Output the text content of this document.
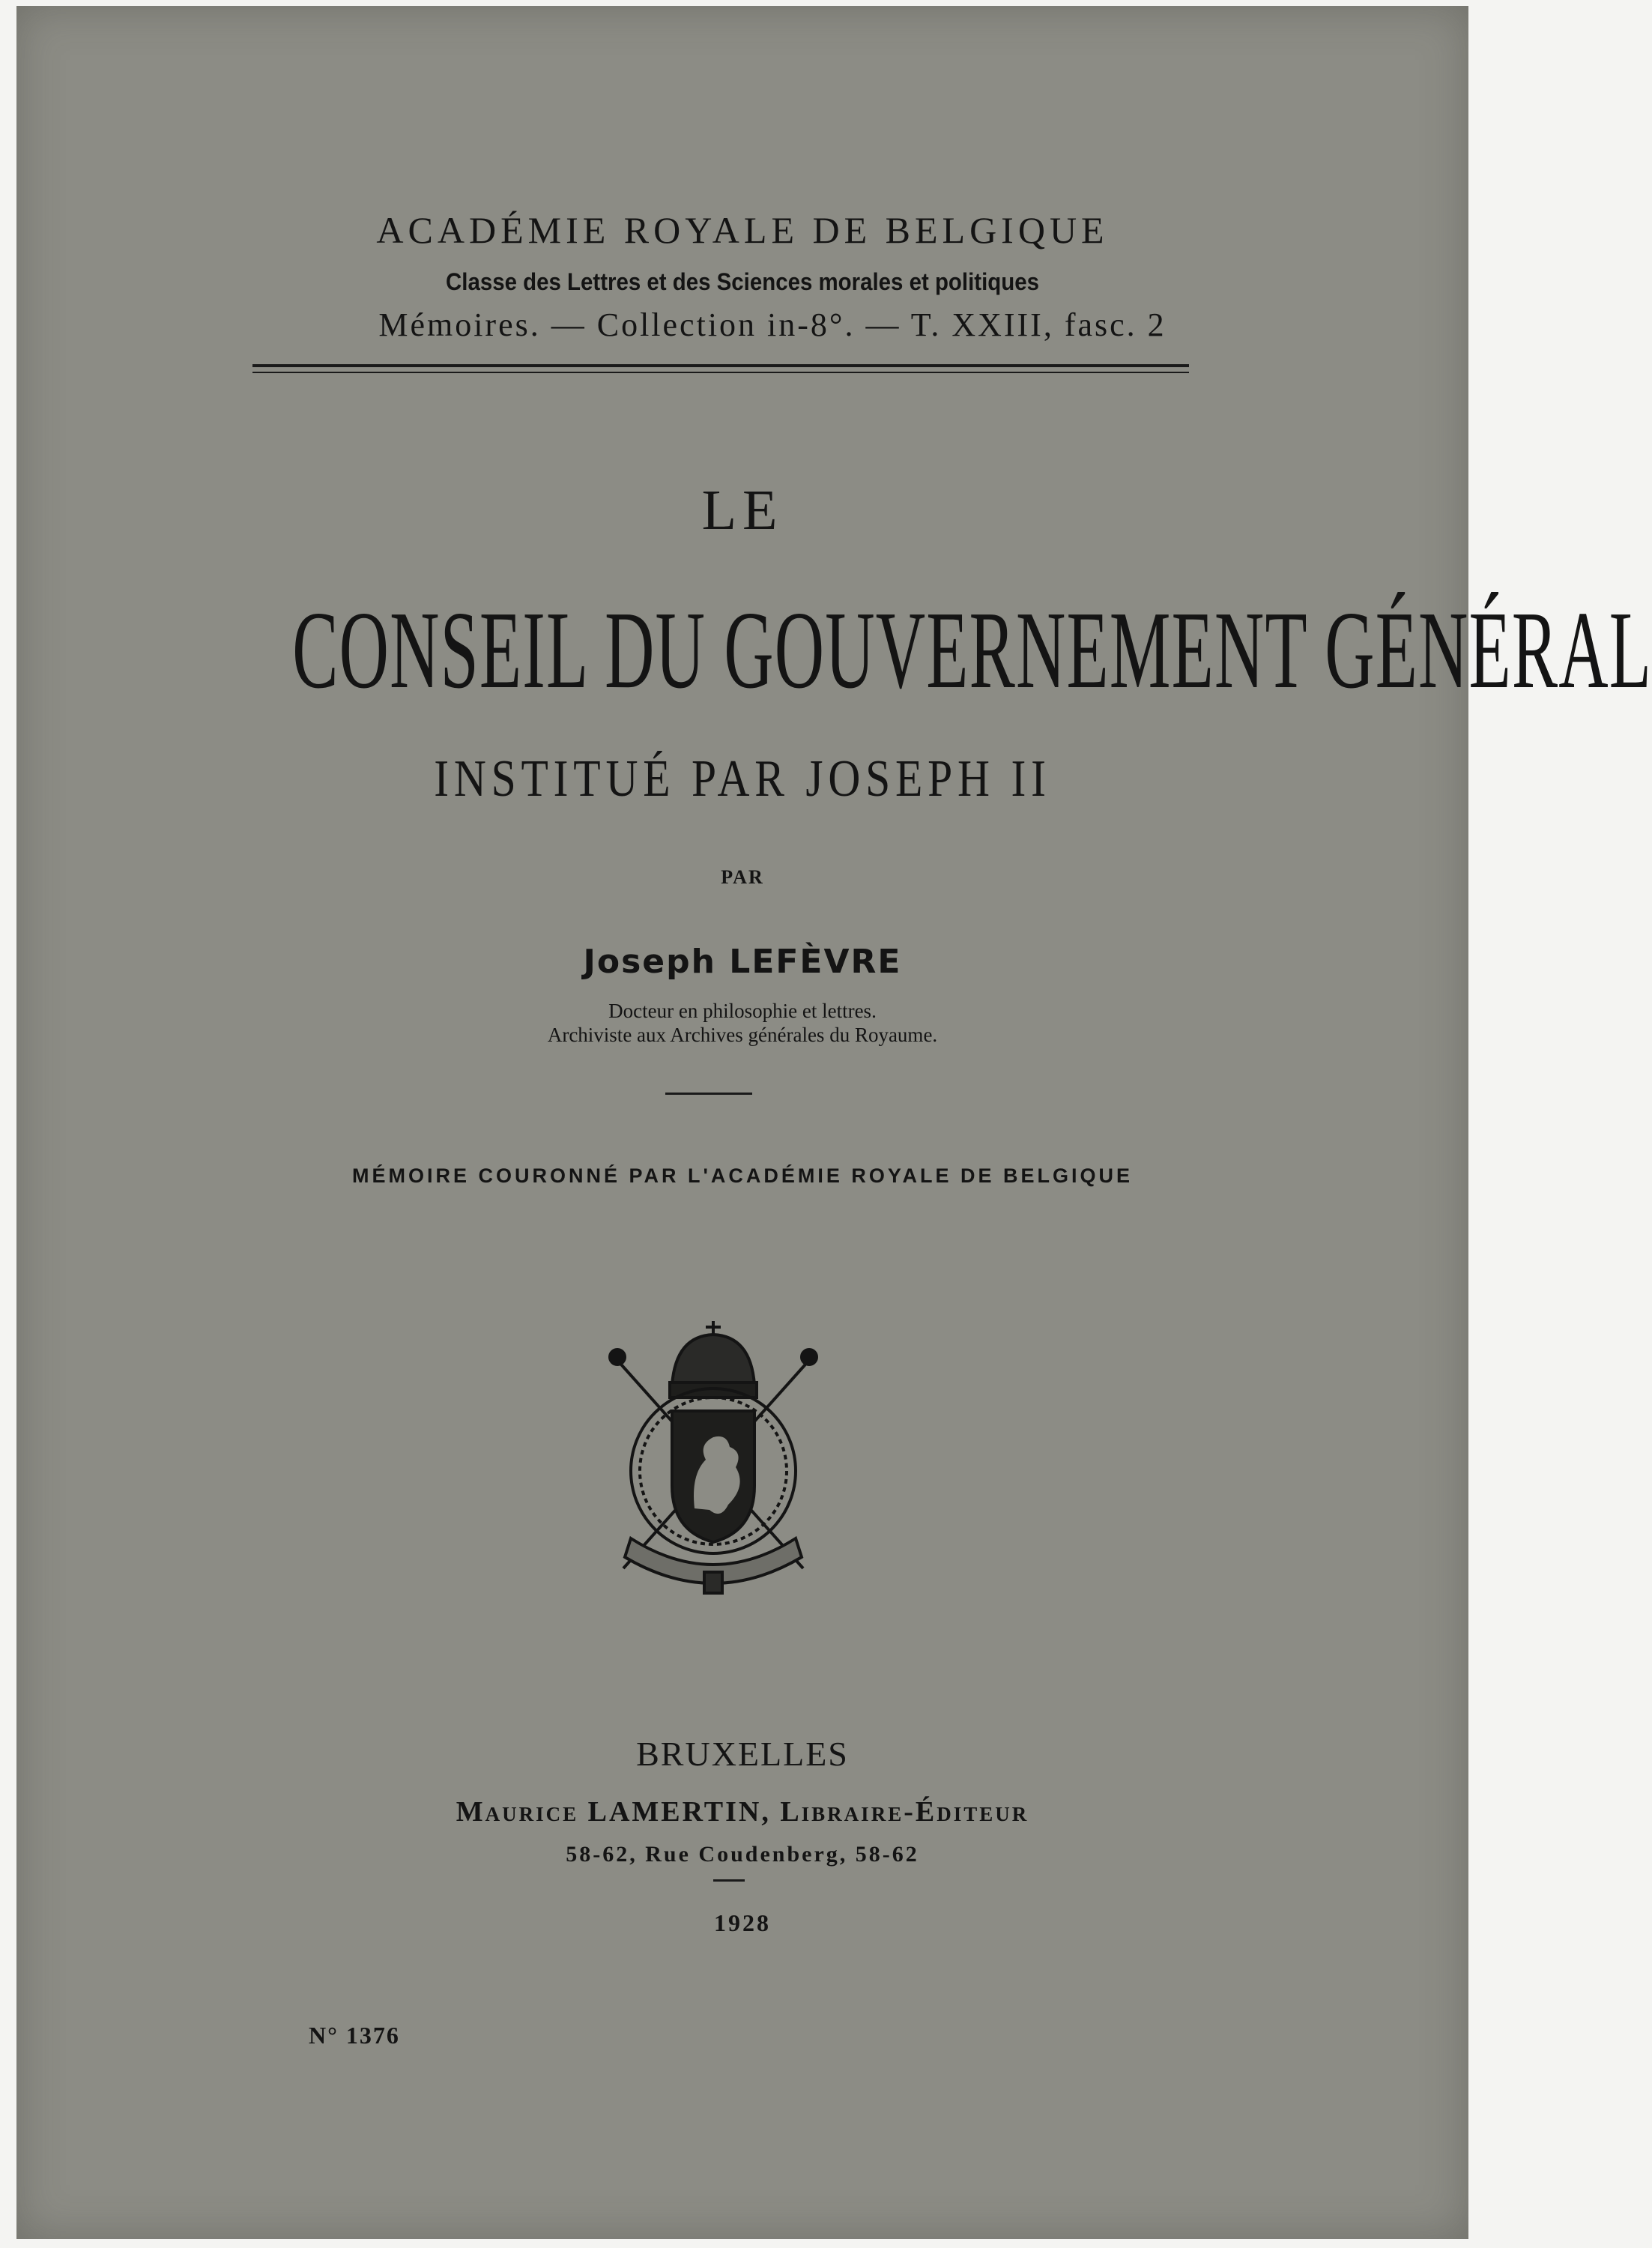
ACADÉMIE ROYALE DE BELGIQUE
Classe des Lettres et des Sciences morales et politiques
Mémoires. — Collection in-8°. — T. XXIII, fasc. 2
LE
CONSEIL DU GOUVERNEMENT GÉNÉRAL
INSTITUÉ PAR JOSEPH II
PAR
Joseph LEFÈVRE
Docteur en philosophie et lettres.
Archiviste aux Archives générales du Royaume.
MÉMOIRE COURONNÉ PAR L'ACADÉMIE ROYALE DE BELGIQUE
BRUXELLES
Maurice LAMERTIN, Libraire-Éditeur
58-62, Rue Coudenberg, 58-62
1928
N° 1376
